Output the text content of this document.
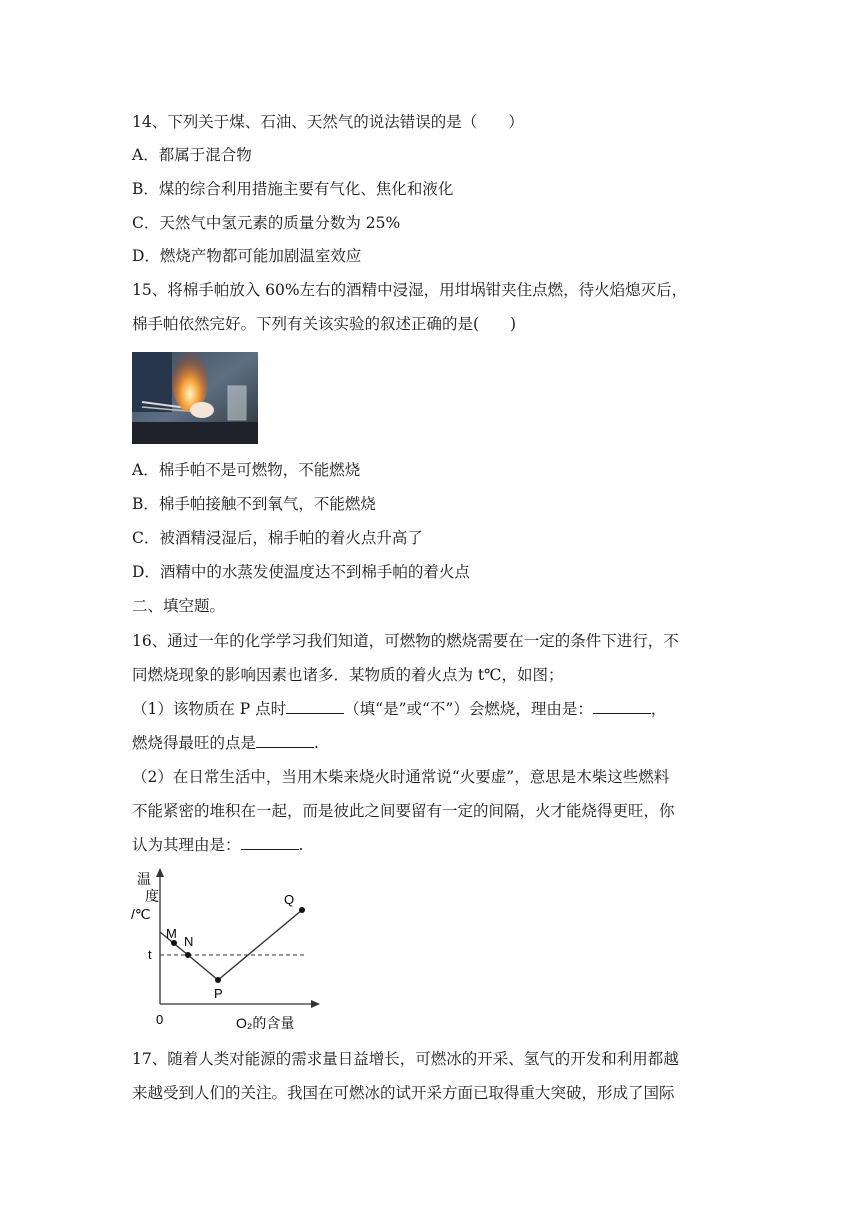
14、下列关于煤、石油、天然气的说法错误的是（　　）
A．都属于混合物
B．煤的综合利用措施主要有气化、焦化和液化
C．天然气中氢元素的质量分数为 25%
D．燃烧产物都可能加剧温室效应
15、将棉手帕放入 60%左右的酒精中浸湿，用坩埚钳夹住点燃，待火焰熄灭后，
棉手帕依然完好。下列有关该实验的叙述正确的是(　　)
A．棉手帕不是可燃物，不能燃烧
B．棉手帕接触不到氧气，不能燃烧
C．被酒精浸湿后，棉手帕的着火点升高了
D．酒精中的水蒸发使温度达不到棉手帕的着火点
二、填空题。
16、通过一年的化学学习我们知道，可燃物的燃烧需要在一定的条件下进行，不
同燃烧现象的影响因素也诸多．某物质的着火点为 t℃，如图；
（1）该物质在 P 点时	（填“是”或“不”）会燃烧，理由是：	，
燃烧得最旺的点是	.
（2）在日常生活中，当用木柴来烧火时通常说“火要虚”，意思是木柴这些燃料
不能紧密的堆积在一起，而是彼此之间要留有一定的间隔，火才能烧得更旺，你
认为其理由是：	.
温
度
/℃
M
N
P
Q
t
0	O₂的含量
17、随着人类对能源的需求量日益增长，可燃冰的开采、氢气的开发和利用都越
来越受到人们的关注。我国在可燃冰的试开采方面已取得重大突破，形成了国际
